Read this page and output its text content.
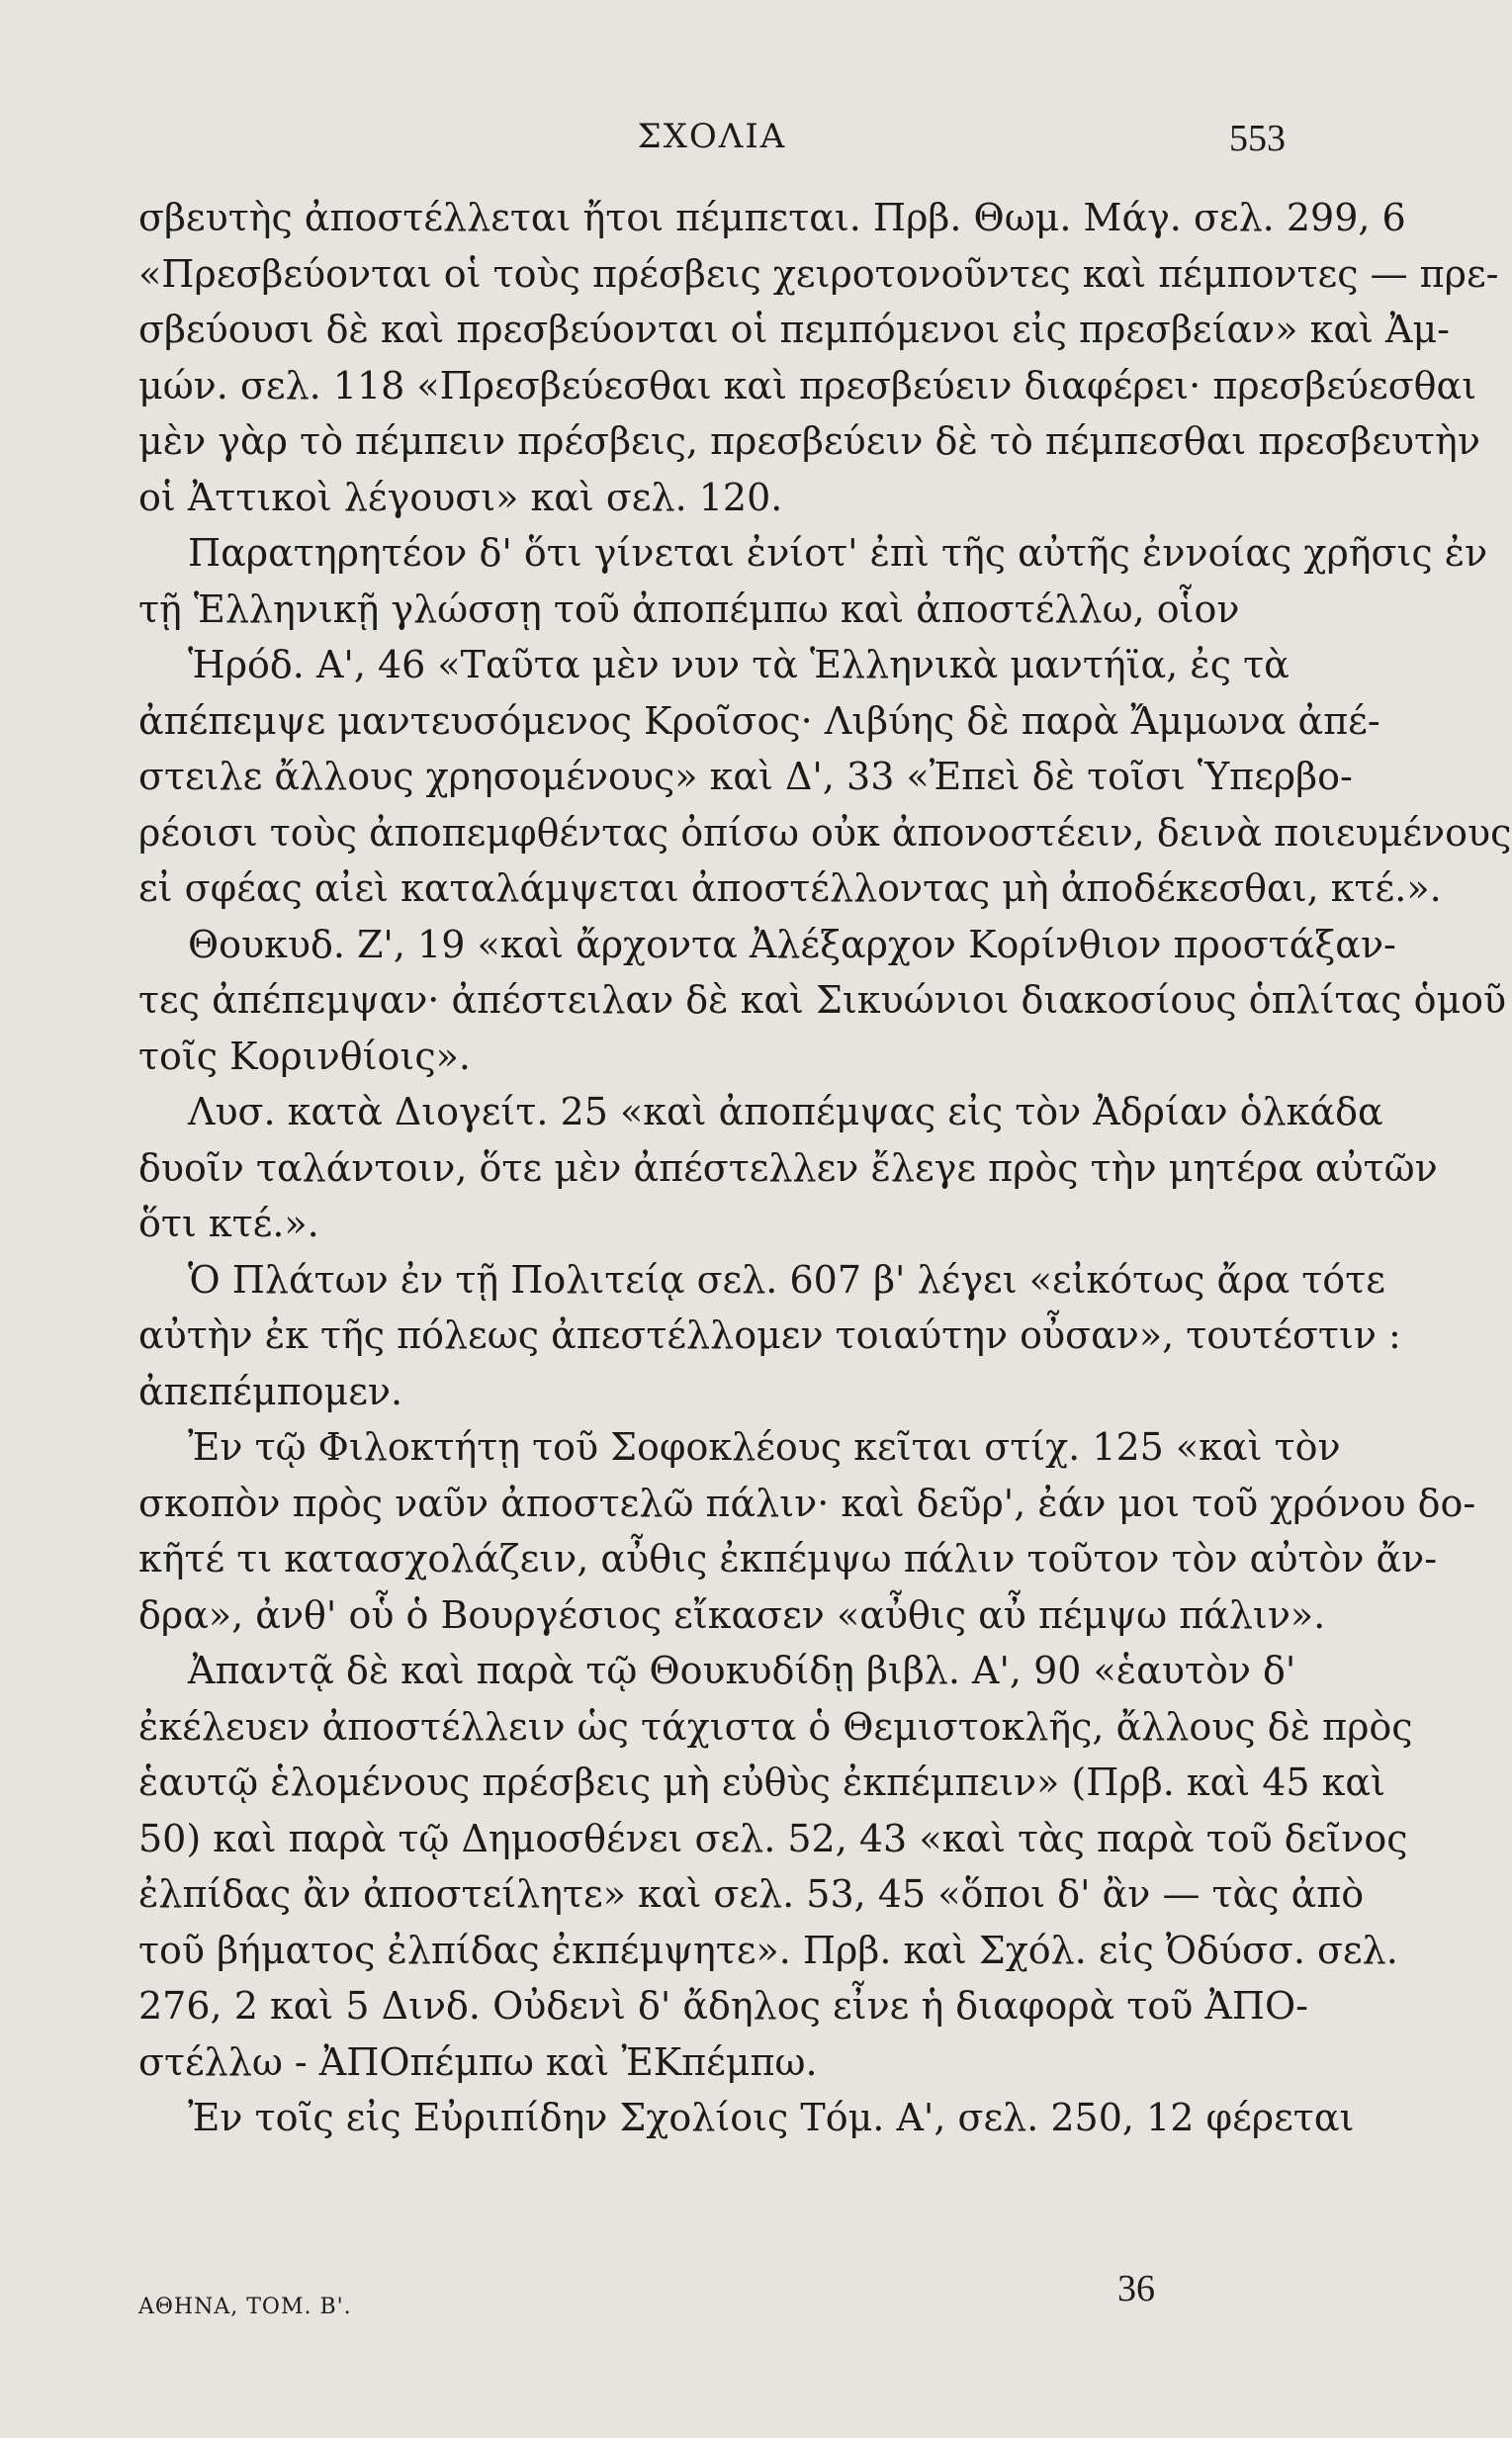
ΣΧΟΛΙΑ	553
σβευτὴς ἀποστέλλεται ἤτοι πέμπεται. Πρβ. Θωμ. Μάγ. σελ. 299, 6
«Πρεσβεύονται οἱ τοὺς πρέσβεις χειροτονοῦντες καὶ πέμποντες — πρε-
σβεύουσι δὲ καὶ πρεσβεύονται οἱ πεμπόμενοι εἰς πρεσβείαν» καὶ Ἀμ-
μών. σελ. 118 «Πρεσβεύεσθαι καὶ πρεσβεύειν διαφέρει· πρεσβεύεσθαι
μὲν γὰρ τὸ πέμπειν πρέσβεις, πρεσβεύειν δὲ τὸ πέμπεσθαι πρεσβευτὴν
οἱ Ἀττικοὶ λέγουσι» καὶ σελ. 120.
Παρατηρητέον δ' ὅτι γίνεται ἐνίοτ' ἐπὶ τῆς αὐτῆς ἐννοίας χρῆσις ἐν
τῇ Ἑλληνικῇ γλώσσῃ τοῦ ἀποπέμπω καὶ ἀποστέλλω, οἷον
Ἡρόδ. Α', 46 «Ταῦτα μὲν νυν τὰ Ἑλληνικὰ μαντήϊα, ἐς τὰ
ἀπέπεμψε μαντευσόμενος Κροῖσος· Λιβύης δὲ παρὰ Ἄμμωνα ἀπέ-
στειλε ἄλλους χρησομένους» καὶ Δ', 33 «Ἐπεὶ δὲ τοῖσι Ὑπερβο-
ρέοισι τοὺς ἀποπεμφθέντας ὀπίσω οὐκ ἀπονοστέειν, δεινὰ ποιευμένους
εἰ σφέας αἰεὶ καταλάμψεται ἀποστέλλοντας μὴ ἀποδέκεσθαι, κτέ.».
Θουκυδ. Ζ', 19 «καὶ ἄρχοντα Ἀλέξαρχον Κορίνθιον προστάξαν-
τες ἀπέπεμψαν· ἀπέστειλαν δὲ καὶ Σικυώνιοι διακοσίους ὁπλίτας ὁμοῦ
τοῖς Κορινθίοις».
Λυσ. κατὰ Διογείτ. 25 «καὶ ἀποπέμψας εἰς τὸν Ἀδρίαν ὁλκάδα
δυοῖν ταλάντοιν, ὅτε μὲν ἀπέστελλεν ἔλεγε πρὸς τὴν μητέρα αὐτῶν
ὅτι κτέ.».
Ὁ Πλάτων ἐν τῇ Πολιτείᾳ σελ. 607 β' λέγει «εἰκότως ἄρα τότε
αὐτὴν ἐκ τῆς πόλεως ἀπεστέλλομεν τοιαύτην οὖσαν», τουτέστιν :
ἀπεπέμπομεν.
Ἐν τῷ Φιλοκτήτῃ τοῦ Σοφοκλέους κεῖται στίχ. 125 «καὶ τὸν
σκοπὸν πρὸς ναῦν ἀποστελῶ πάλιν· καὶ δεῦρ', ἐάν μοι τοῦ χρόνου δο-
κῆτέ τι κατασχολάζειν, αὖθις ἐκπέμψω πάλιν τοῦτον τὸν αὐτὸν ἄν-
δρα», ἀνθ' οὗ ὁ Βουργέσιος εἴκασεν «αὖθις αὖ πέμψω πάλιν».
Ἀπαντᾷ δὲ καὶ παρὰ τῷ Θουκυδίδῃ βιβλ. Α', 90 «ἑαυτὸν δ'
ἐκέλευεν ἀποστέλλειν ὡς τάχιστα ὁ Θεμιστοκλῆς, ἄλλους δὲ πρὸς
ἑαυτῷ ἑλομένους πρέσβεις μὴ εὐθὺς ἐκπέμπειν» (Πρβ. καὶ 45 καὶ
50) καὶ παρὰ τῷ Δημοσθένει σελ. 52, 43 «καὶ τὰς παρὰ τοῦ δεῖνος
ἐλπίδας ἂν ἀποστείλητε» καὶ σελ. 53, 45 «ὅποι δ' ἂν — τὰς ἀπὸ
τοῦ βήματος ἐλπίδας ἐκπέμψητε». Πρβ. καὶ Σχόλ. εἰς Ὀδύσσ. σελ.
276, 2 καὶ 5 Δινδ. Οὐδενὶ δ' ἄδηλος εἶνε ἡ διαφορὰ τοῦ ἈΠΟ-
στέλλω - ἈΠΟπέμπω καὶ ἘΚπέμπω.
Ἐν τοῖς εἰς Εὐριπίδην Σχολίοις Τόμ. Α', σελ. 250, 12 φέρεται
ΑΘΗΝΑ, ΤΟΜ. Β'.	36
